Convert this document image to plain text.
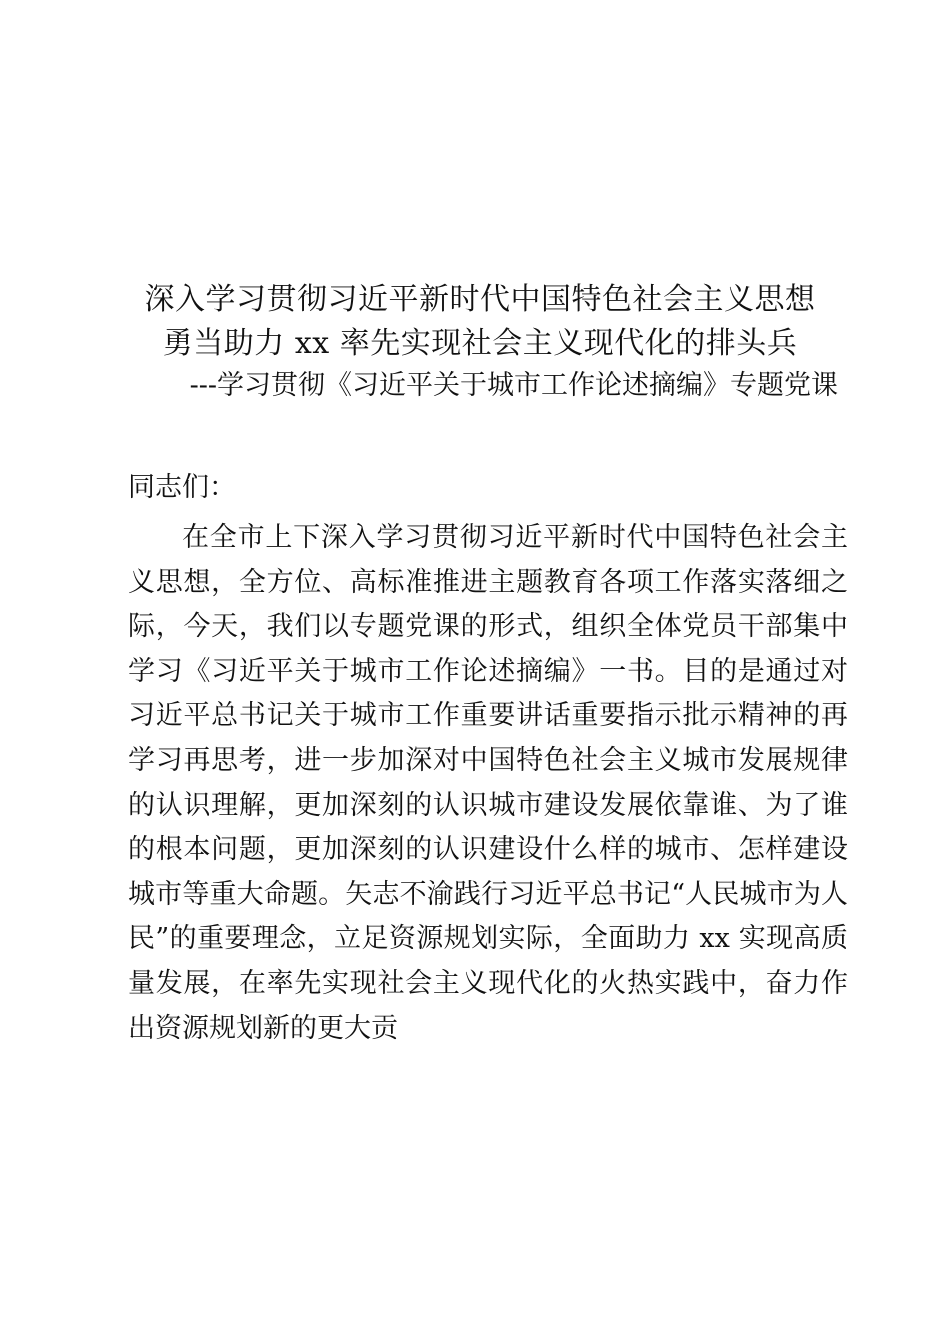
深入学习贯彻习近平新时代中国特色社会主义思想
勇当助力 xx 率先实现社会主义现代化的排头兵
---学习贯彻《习近平关于城市工作论述摘编》专题党课

同志们：

在全市上下深入学习贯彻习近平新时代中国特色社会主义思想，全方位、高标准推进主题教育各项工作落实落细之际，今天，我们以专题党课的形式，组织全体党员干部集中学习《习近平关于城市工作论述摘编》一书。目的是通过对习近平总书记关于城市工作重要讲话重要指示批示精神的再学习再思考，进一步加深对中国特色社会主义城市发展规律的认识理解，更加深刻的认识城市建设发展依靠谁、为了谁的根本问题，更加深刻的认识建设什么样的城市、怎样建设城市等重大命题。矢志不渝践行习近平总书记“人民城市为人民”的重要理念，立足资源规划实际，全面助力 xx 实现高质量发展，在率先实现社会主义现代化的火热实践中，奋力作出资源规划新的更大贡
